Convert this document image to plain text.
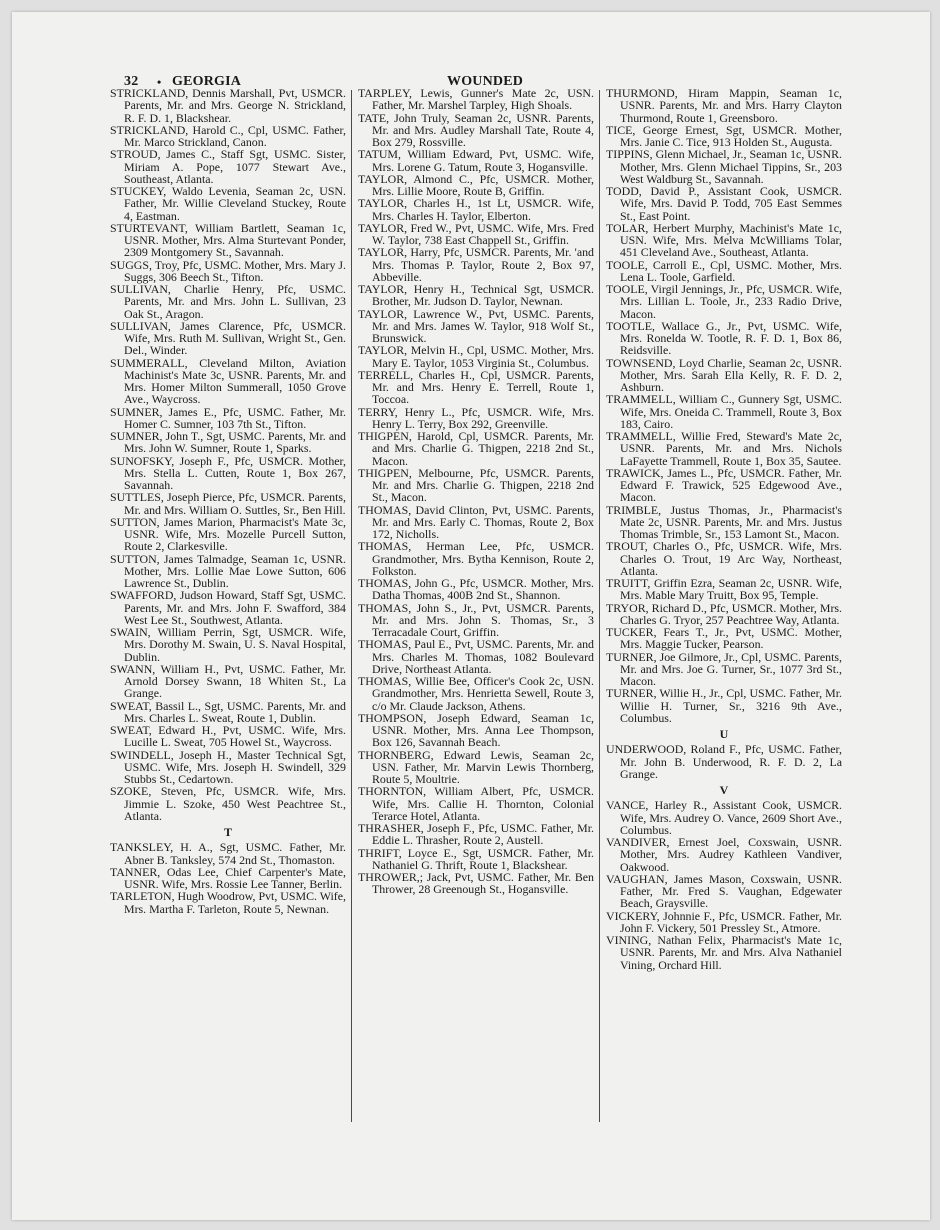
32 • GEORGIA	WOUNDED
STRICKLAND, Dennis Marshall, Pvt, USMCR. Parents, Mr. and Mrs. George N. Strickland, R. F. D. 1, Blackshear.
STRICKLAND, Harold C., Cpl, USMC. Father, Mr. Marco Strickland, Canon.
STROUD, James C., Staff Sgt, USMC. Sister, Miriam A. Pope, 1077 Stewart Ave., Southeast, Atlanta.
STUCKEY, Waldo Levenia, Seaman 2c, USN. Father, Mr. Willie Cleveland Stuckey, Route 4, Eastman.
STURTEVANT, William Bartlett, Seaman 1c, USNR. Mother, Mrs. Alma Sturtevant Ponder, 2309 Montgomery St., Savannah.
SUGGS, Troy, Pfc, USMC. Mother, Mrs. Mary J. Suggs, 306 Beech St., Tifton.
SULLIVAN, Charlie Henry, Pfc, USMC. Parents, Mr. and Mrs. John L. Sullivan, 23 Oak St., Aragon.
SULLIVAN, James Clarence, Pfc, USMCR. Wife, Mrs. Ruth M. Sullivan, Wright St., Gen. Del., Winder.
SUMMERALL, Cleveland Milton, Aviation Machinist's Mate 3c, USNR. Parents, Mr. and Mrs. Homer Milton Summerall, 1050 Grove Ave., Waycross.
SUMNER, James E., Pfc, USMC. Father, Mr. Homer C. Sumner, 103 7th St., Tifton.
SUMNER, John T., Sgt, USMC. Parents, Mr. and Mrs. John W. Sumner, Route 1, Sparks.
SUNOFSKY, Joseph F., Pfc, USMCR. Mother, Mrs. Stella L. Cutten, Route 1, Box 267, Savannah.
SUTTLES, Joseph Pierce, Pfc, USMCR. Parents, Mr. and Mrs. William O. Suttles, Sr., Ben Hill.
SUTTON, James Marion, Pharmacist's Mate 3c, USNR. Wife, Mrs. Mozelle Purcell Sutton, Route 2, Clarkesville.
SUTTON, James Talmadge, Seaman 1c, USNR. Mother, Mrs. Lollie Mae Lowe Sutton, 606 Lawrence St., Dublin.
SWAFFORD, Judson Howard, Staff Sgt, USMC. Parents, Mr. and Mrs. John F. Swafford, 384 West Lee St., Southwest, Atlanta.
SWAIN, William Perrin, Sgt, USMCR. Wife, Mrs. Dorothy M. Swain, U. S. Naval Hospital, Dublin.
SWANN, William H., Pvt, USMC. Father, Mr. Arnold Dorsey Swann, 18 Whiten St., La Grange.
SWEAT, Bassil L., Sgt, USMC. Parents, Mr. and Mrs. Charles L. Sweat, Route 1, Dublin.
SWEAT, Edward H., Pvt, USMC. Wife, Mrs. Lucille L. Sweat, 705 Howel St., Waycross.
SWINDELL, Joseph H., Master Technical Sgt, USMC. Wife, Mrs. Joseph H. Swindell, 329 Stubbs St., Cedartown.
SZOKE, Steven, Pfc, USMCR. Wife, Mrs. Jimmie L. Szoke, 450 West Peachtree St., Atlanta.
T
TANKSLEY, H. A., Sgt, USMC. Father, Mr. Abner B. Tanksley, 574 2nd St., Thomaston.
TANNER, Odas Lee, Chief Carpenter's Mate, USNR. Wife, Mrs. Rossie Lee Tanner, Berlin.
TARLETON, Hugh Woodrow, Pvt, USMC. Wife, Mrs. Martha F. Tarleton, Route 5, Newnan.
TARPLEY, Lewis, Gunner's Mate 2c, USN. Father, Mr. Marshel Tarpley, High Shoals.
TATE, John Truly, Seaman 2c, USNR. Parents, Mr. and Mrs. Audley Marshall Tate, Route 4, Box 279, Rossville.
TATUM, William Edward, Pvt, USMC. Wife, Mrs. Lorene G. Tatum, Route 3, Hogansville.
TAYLOR, Almond C., Pfc, USMCR. Mother, Mrs. Lillie Moore, Route B, Griffin.
TAYLOR, Charles H., 1st Lt, USMCR. Wife, Mrs. Charles H. Taylor, Elberton.
TAYLOR, Fred W., Pvt, USMC. Wife, Mrs. Fred W. Taylor, 738 East Chappell St., Griffin.
TAYLOR, Harry, Pfc, USMCR. Parents, Mr. 'and Mrs. Thomas P. Taylor, Route 2, Box 97, Abbeville.
TAYLOR, Henry H., Technical Sgt, USMCR. Brother, Mr. Judson D. Taylor, Newnan.
TAYLOR, Lawrence W., Pvt, USMC. Parents, Mr. and Mrs. James W. Taylor, 918 Wolf St., Brunswick.
TAYLOR, Melvin H., Cpl, USMC. Mother, Mrs. Mary E. Taylor, 1053 Virginia St., Columbus.
TERRELL, Charles H., Cpl, USMCR. Parents, Mr. and Mrs. Henry E. Terrell, Route 1, Toccoa.
TERRY, Henry L., Pfc, USMCR. Wife, Mrs. Henry L. Terry, Box 292, Greenville.
THIGPEN, Harold, Cpl, USMCR. Parents, Mr. and Mrs. Charlie G. Thigpen, 2218 2nd St., Macon.
THIGPEN, Melbourne, Pfc, USMCR. Parents, Mr. and Mrs. Charlie G. Thigpen, 2218 2nd St., Macon.
THOMAS, David Clinton, Pvt, USMC. Parents, Mr. and Mrs. Early C. Thomas, Route 2, Box 172, Nicholls.
THOMAS, Herman Lee, Pfc, USMCR. Grandmother, Mrs. Bytha Kennison, Route 2, Folkston.
THOMAS, John G., Pfc, USMCR. Mother, Mrs. Datha Thomas, 400B 2nd St., Shannon.
THOMAS, John S., Jr., Pvt, USMCR. Parents, Mr. and Mrs. John S. Thomas, Sr., 3 Terracadale Court, Griffin.
THOMAS, Paul E., Pvt, USMC. Parents, Mr. and Mrs. Charles M. Thomas, 1082 Boulevard Drive, Northeast Atlanta.
THOMAS, Willie Bee, Officer's Cook 2c, USN. Grandmother, Mrs. Henrietta Sewell, Route 3, c/o Mr. Claude Jackson, Athens.
THOMPSON, Joseph Edward, Seaman 1c, USNR. Mother, Mrs. Anna Lee Thompson, Box 126, Savannah Beach.
THORNBERG, Edward Lewis, Seaman 2c, USN. Father, Mr. Marvin Lewis Thornberg, Route 5, Moultrie.
THORNTON, William Albert, Pfc, USMCR. Wife, Mrs. Callie H. Thornton, Colonial Terarce Hotel, Atlanta.
THRASHER, Joseph F., Pfc, USMC. Father, Mr. Eddie L. Thrasher, Route 2, Austell.
THRIFT, Loyce E., Sgt, USMCR. Father, Mr. Nathaniel G. Thrift, Route 1, Blackshear.
THROWER,; Jack, Pvt, USMC. Father, Mr. Ben Thrower, 28 Greenough St., Hogansville.
THURMOND, Hiram Mappin, Seaman 1c, USNR. Parents, Mr. and Mrs. Harry Clayton Thurmond, Route 1, Greensboro.
TICE, George Ernest, Sgt, USMCR. Mother, Mrs. Janie C. Tice, 913 Holden St., Augusta.
TIPPINS, Glenn Michael, Jr., Seaman 1c, USNR. Mother, Mrs. Glenn Michael Tippins, Sr., 203 West Waldburg St., Savannah.
TODD, David P., Assistant Cook, USMCR. Wife, Mrs. David P. Todd, 705 East Semmes St., East Point.
TOLAR, Herbert Murphy, Machinist's Mate 1c, USN. Wife, Mrs. Melva McWilliams Tolar, 451 Cleveland Ave., Southeast, Atlanta.
TOOLE, Carroll E., Cpl, USMC. Mother, Mrs. Lena L. Toole, Garfield.
TOOLE, Virgil Jennings, Jr., Pfc, USMCR. Wife, Mrs. Lillian L. Toole, Jr., 233 Radio Drive, Macon.
TOOTLE, Wallace G., Jr., Pvt, USMC. Wife, Mrs. Ronelda W. Tootle, R. F. D. 1, Box 86, Reidsville.
TOWNSEND, Loyd Charlie, Seaman 2c, USNR. Mother, Mrs. Sarah Ella Kelly, R. F. D. 2, Ashburn.
TRAMMELL, William C., Gunnery Sgt, USMC. Wife, Mrs. Oneida C. Trammell, Route 3, Box 183, Cairo.
TRAMMELL, Willie Fred, Steward's Mate 2c, USNR. Parents, Mr. and Mrs. Nichols LaFayette Trammell, Route 1, Box 35, Sautee.
TRAWICK, James L., Pfc, USMCR. Father, Mr. Edward F. Trawick, 525 Edgewood Ave., Macon.
TRIMBLE, Justus Thomas, Jr., Pharmacist's Mate 2c, USNR. Parents, Mr. and Mrs. Justus Thomas Trimble, Sr., 153 Lamont St., Macon.
TROUT, Charles O., Pfc, USMCR. Wife, Mrs. Charles O. Trout, 19 Arc Way, Northeast, Atlanta.
TRUITT, Griffin Ezra, Seaman 2c, USNR. Wife, Mrs. Mable Mary Truitt, Box 95, Temple.
TRYOR, Richard D., Pfc, USMCR. Mother, Mrs. Charles G. Tryor, 257 Peachtree Way, Atlanta.
TUCKER, Fears T., Jr., Pvt, USMC. Mother, Mrs. Maggie Tucker, Pearson.
TURNER, Joe Gilmore, Jr., Cpl, USMC. Parents, Mr. and Mrs. Joe G. Turner, Sr., 1077 3rd St., Macon.
TURNER, Willie H., Jr., Cpl, USMC. Father, Mr. Willie H. Turner, Sr., 3216 9th Ave., Columbus.
U
UNDERWOOD, Roland F., Pfc, USMC. Father, Mr. John B. Underwood, R. F. D. 2, La Grange.
V
VANCE, Harley R., Assistant Cook, USMCR. Wife, Mrs. Audrey O. Vance, 2609 Short Ave., Columbus.
VANDIVER, Ernest Joel, Coxswain, USNR. Mother, Mrs. Audrey Kathleen Vandiver, Oakwood.
VAUGHAN, James Mason, Coxswain, USNR. Father, Mr. Fred S. Vaughan, Edgewater Beach, Graysville.
VICKERY, Johnnie F., Pfc, USMCR. Father, Mr. John F. Vickery, 501 Pressley St., Atmore.
VINING, Nathan Felix, Pharmacist's Mate 1c, USNR. Parents, Mr. and Mrs. Alva Nathaniel Vining, Orchard Hill.
